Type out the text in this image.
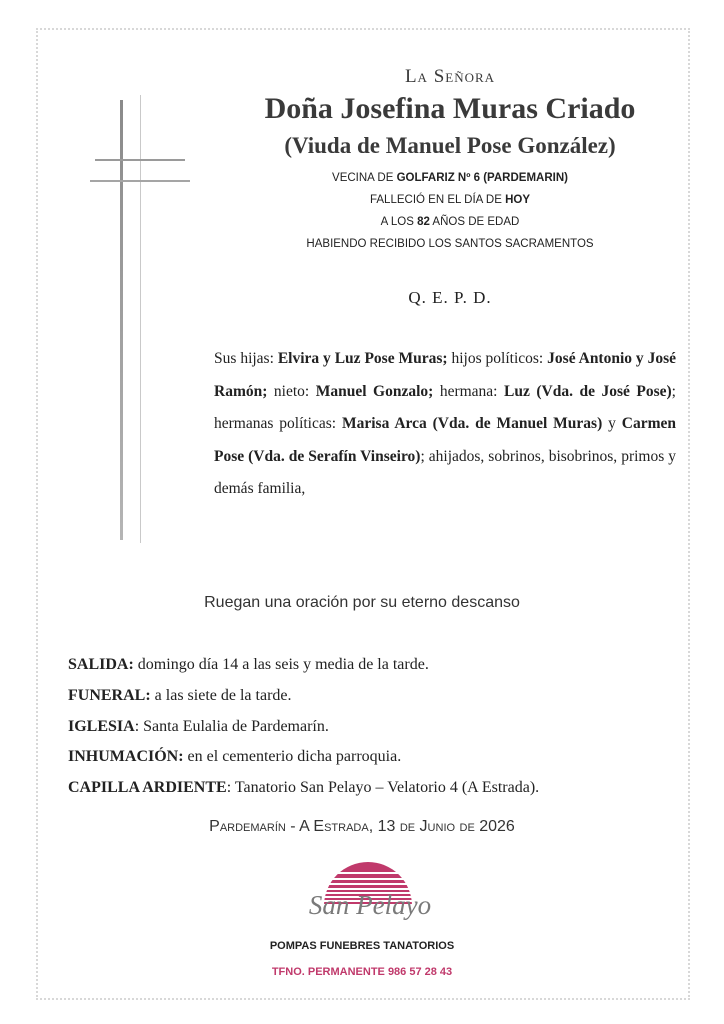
La Señora
Doña Josefina Muras Criado
(Viuda de Manuel Pose González)
VECINA DE GOLFARIZ Nº 6 (PARDEMARIN)
FALLECIÓ EN EL DÍA DE HOY
A LOS 82 AÑOS DE EDAD
HABIENDO RECIBIDO LOS SANTOS SACRAMENTOS
Q. E. P. D.
Sus hijas: Elvira y Luz Pose Muras; hijos políticos: José Antonio y José Ramón; nieto: Manuel Gonzalo; hermana: Luz (Vda. de José Pose); hermanas políticas: Marisa Arca (Vda. de Manuel Muras) y Carmen Pose (Vda. de Serafín Vinseiro); ahijados, sobrinos, bisobrinos, primos y demás familia,
Ruegan una oración por su eterno descanso
SALIDA: domingo día 14 a las seis y media de la tarde.
FUNERAL: a las siete de la tarde.
IGLESIA: Santa Eulalia de Pardemarín.
INHUMACIÓN: en el cementerio dicha parroquia.
CAPILLA ARDIENTE: Tanatorio San Pelayo – Velatorio 4 (A Estrada).
Pardemarín - A Estrada, 13 de Junio de 2026
San Pelayo
POMPAS FUNEBRES TANATORIOS
TFNO. PERMANENTE 986 57 28 43
